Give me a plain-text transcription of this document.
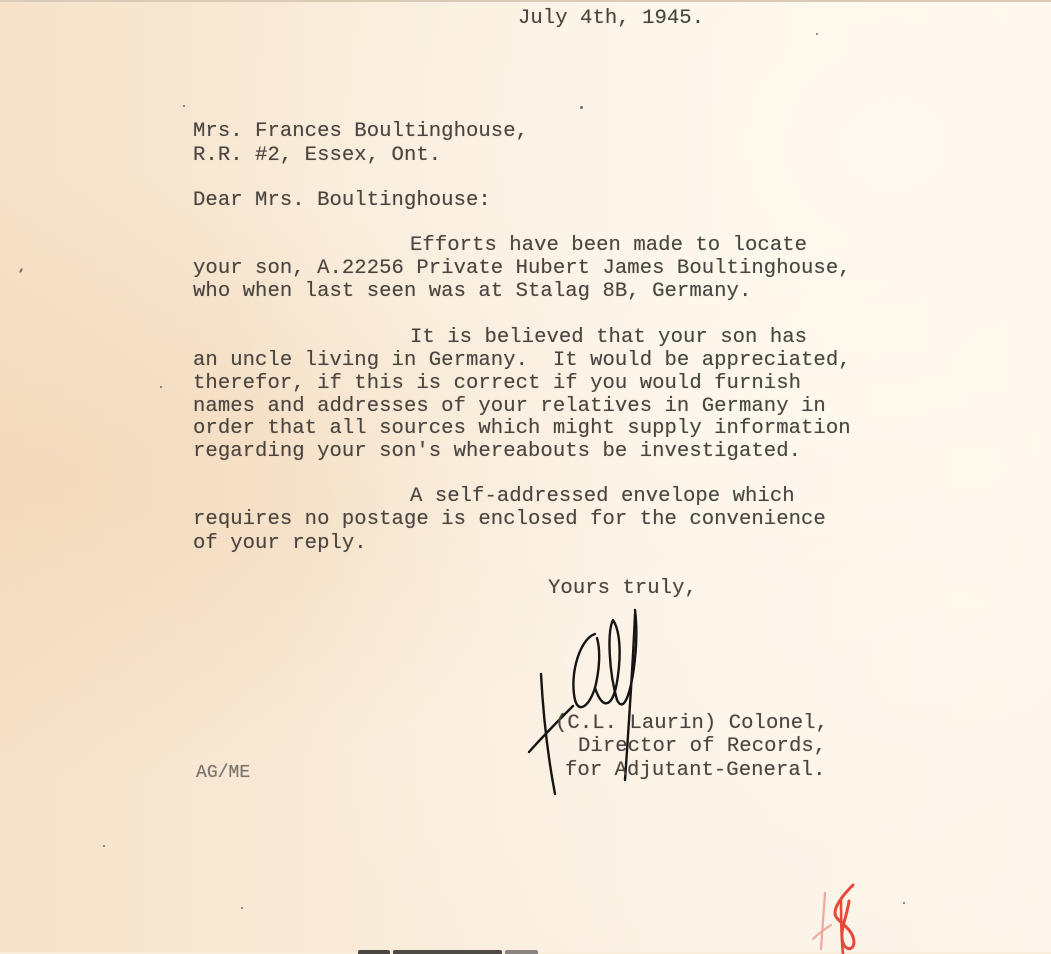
July 4th, 1945.
Mrs. Frances Boultinghouse,
R.R. #2, Essex, Ont.
Dear Mrs. Boultinghouse:
Efforts have been made to locate
your son, A.22256 Private Hubert James Boultinghouse,
who when last seen was at Stalag 8B, Germany.
It is believed that your son has
an uncle living in Germany.  It would be appreciated,
therefor, if this is correct if you would furnish
names and addresses of your relatives in Germany in
order that all sources which might supply information
regarding your son's whereabouts be investigated.
A self-addressed envelope which
requires no postage is enclosed for the convenience
of your reply.
Yours truly,
(C.L. Laurin) Colonel,
Director of Records,
for Adjutant-General.
AG/ME
